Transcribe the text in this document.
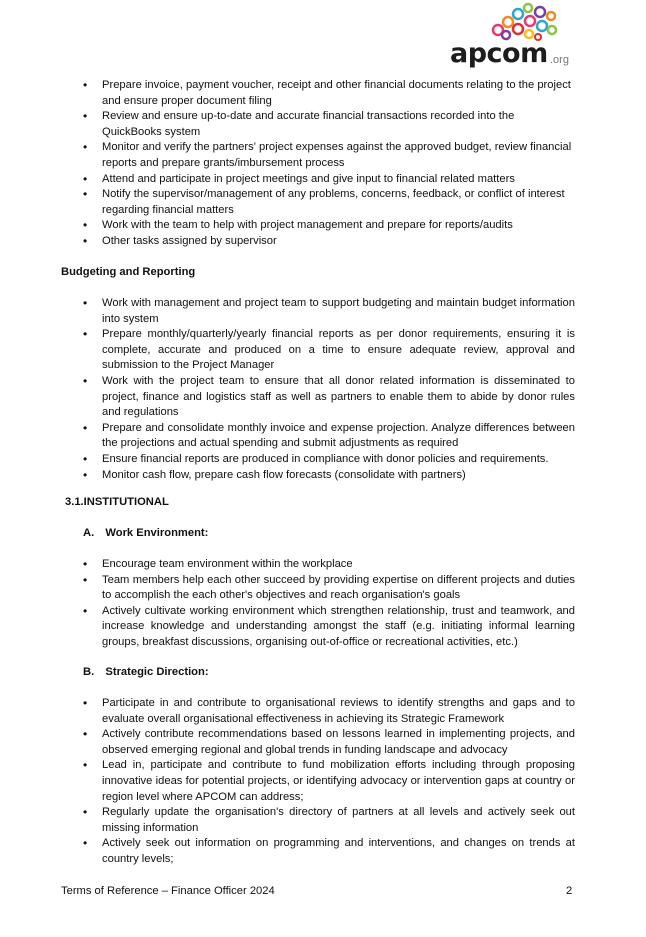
apcom .org
• Prepare invoice, payment voucher, receipt and other financial documents relating to the project and ensure proper document filing
• Review and ensure up-to-date and accurate financial transactions recorded into the QuickBooks system
• Monitor and verify the partners' project expenses against the approved budget, review financial reports and prepare grants/imbursement process
• Attend and participate in project meetings and give input to financial related matters
• Notify the supervisor/management of any problems, concerns, feedback, or conflict of interest regarding financial matters
• Work with the team to help with project management and prepare for reports/audits
• Other tasks assigned by supervisor
Budgeting and Reporting
• Work with management and project team to support budgeting and maintain budget information into system
• Prepare monthly/quarterly/yearly financial reports as per donor requirements, ensuring it is complete, accurate and produced on a time to ensure adequate review, approval and submission to the Project Manager
• Work with the project team to ensure that all donor related information is disseminated to project, finance and logistics staff as well as partners to enable them to abide by donor rules and regulations
• Prepare and consolidate monthly invoice and expense projection. Analyze differences between the projections and actual spending and submit adjustments as required
• Ensure financial reports are produced in compliance with donor policies and requirements.
• Monitor cash flow, prepare cash flow forecasts (consolidate with partners)
3.1.INSTITUTIONAL
A. Work Environment:
• Encourage team environment within the workplace
• Team members help each other succeed by providing expertise on different projects and duties to accomplish the each other's objectives and reach organisation's goals
• Actively cultivate working environment which strengthen relationship, trust and teamwork, and increase knowledge and understanding amongst the staff (e.g. initiating informal learning groups, breakfast discussions, organising out-of-office or recreational activities, etc.)
B. Strategic Direction:
• Participate in and contribute to organisational reviews to identify strengths and gaps and to evaluate overall organisational effectiveness in achieving its Strategic Framework
• Actively contribute recommendations based on lessons learned in implementing projects, and observed emerging regional and global trends in funding landscape and advocacy
• Lead in, participate and contribute to fund mobilization efforts including through proposing innovative ideas for potential projects, or identifying advocacy or intervention gaps at country or region level where APCOM can address;
• Regularly update the organisation's directory of partners at all levels and actively seek out missing information
• Actively seek out information on programming and interventions, and changes on trends at country levels;
Terms of Reference – Finance Officer 2024	2
